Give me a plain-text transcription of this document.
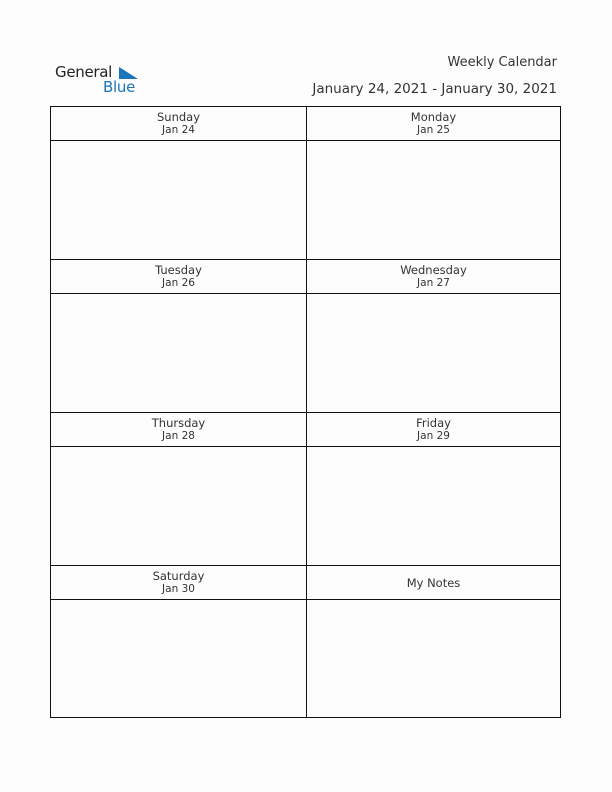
General
Blue
Weekly Calendar
January 24, 2021 - January 30, 2021
Sunday
Jan 24
Monday
Jan 25
Tuesday
Jan 26
Wednesday
Jan 27
Thursday
Jan 28
Friday
Jan 29
Saturday
Jan 30	My Notes
